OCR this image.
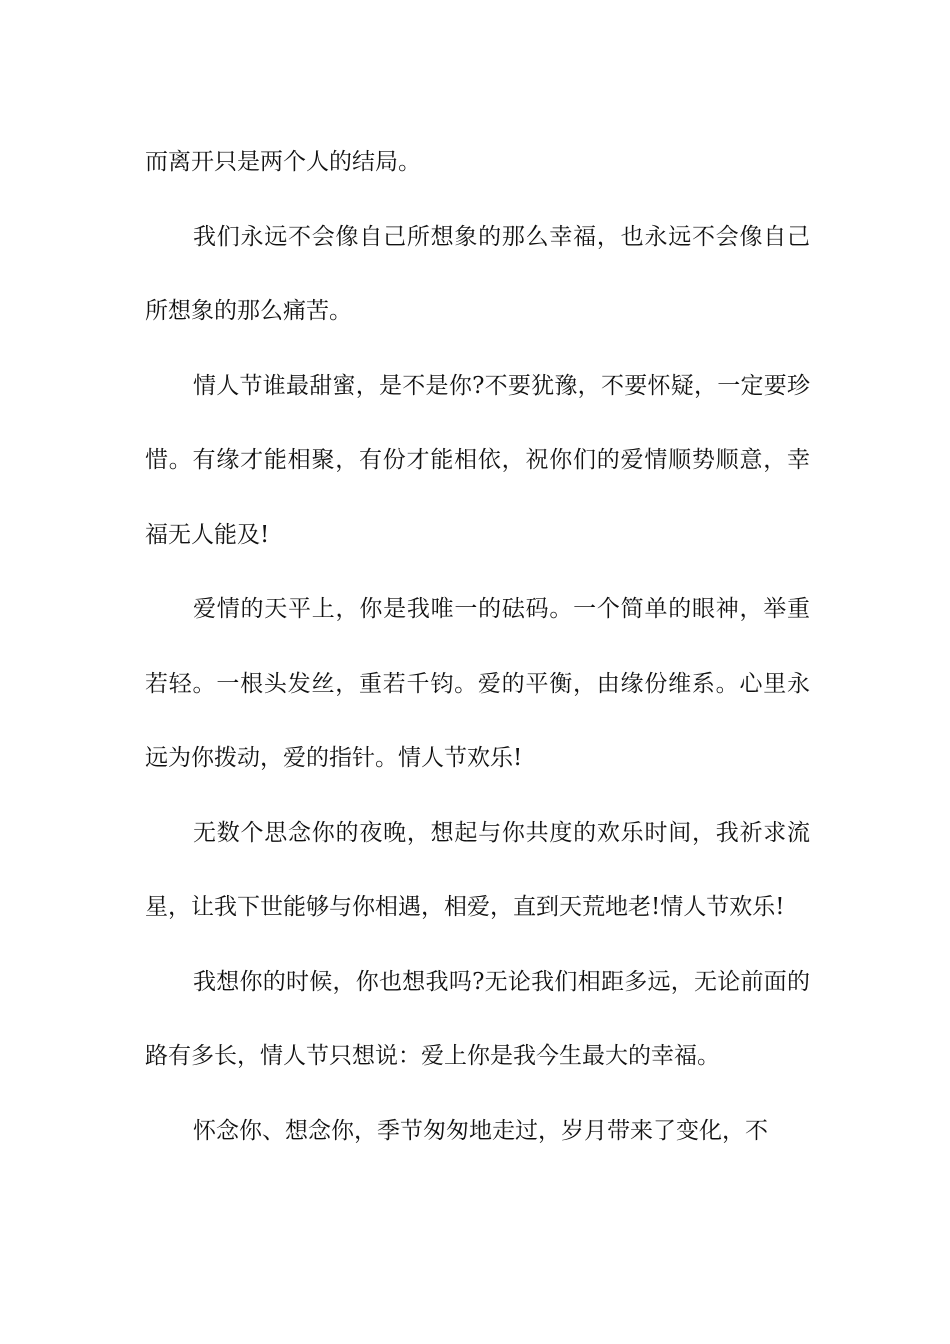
而离开只是两个人的结局。

我们永远不会像自己所想象的那么幸福，也永远不会像自己所想象的那么痛苦。

情人节谁最甜蜜，是不是你?不要犹豫，不要怀疑，一定要珍惜。有缘才能相聚，有份才能相依，祝你们的爱情顺势顺意，幸福无人能及!

爱情的天平上，你是我唯一的砝码。一个简单的眼神，举重若轻。一根头发丝，重若千钧。爱的平衡，由缘份维系。心里永远为你拨动，爱的指针。情人节欢乐!

无数个思念你的夜晚，想起与你共度的欢乐时间，我祈求流星，让我下世能够与你相遇，相爱，直到天荒地老!情人节欢乐!

我想你的时候，你也想我吗?无论我们相距多远，无论前面的路有多长，情人节只想说：爱上你是我今生最大的幸福。

怀念你、想念你，季节匆匆地走过，岁月带来了变化，不
